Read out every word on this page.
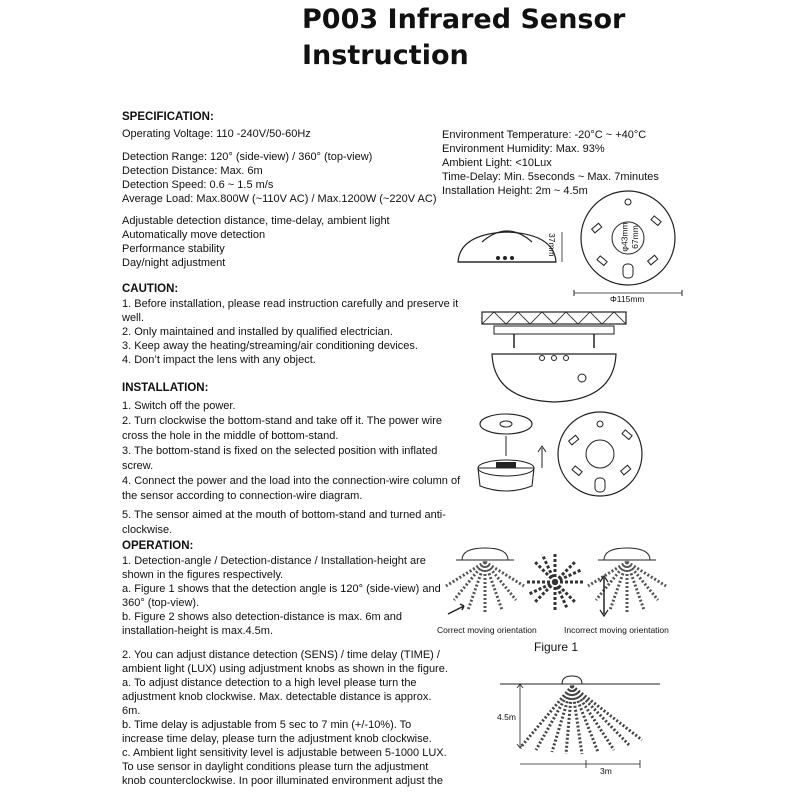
P003 Infrared Sensor
Instruction
SPECIFICATION:
Operating Voltage: 110 -240V/50-60Hz
Detection Range: 120° (side-view) / 360° (top-view)
Detection Distance: Max. 6m
Detection Speed: 0.6 ~ 1.5 m/s
Average Load: Max.800W (~110V AC) / Max.1200W (~220V AC)
Environment Temperature: -20°C ~ +40°C
Environment Humidity: Max. 93%
Ambient Light: <10Lux
Time-Delay: Min. 5seconds ~ Max. 7minutes
Installation Height: 2m ~ 4.5m
Adjustable detection distance, time-delay, ambient light
Automatically move detection
Performance stability
Day/night adjustment
CAUTION:
1. Before installation, please read instruction carefully and preserve it well.
2. Only maintained and installed by qualified electrician.
3. Keep away the heating/streaming/air conditioning devices.
4. Don’t impact the lens with any object.
INSTALLATION:
1. Switch off the power.
2. Turn clockwise the bottom-stand and take off it. The power wire cross the hole in the middle of bottom-stand.
3. The bottom-stand is fixed on the selected position with inflated screw.
4. Connect the power and the load into the connection-wire column of the sensor according to connection-wire diagram.
5. The sensor aimed at the mouth of bottom-stand and turned anti-clockwise.
OPERATION:
1. Detection-angle / Detection-distance / Installation-height are shown in the figures respectively.
a. Figure 1 shows that the detection angle is 120° (side-view) and 360° (top-view).
b. Figure 2 shows also detection-distance is max. 6m and installation-height is max.4.5m.
2. You can adjust distance detection (SENS) / time delay (TIME) / ambient light (LUX) using adjustment knobs as shown in the figure.
a. To adjust distance detection to a high level please turn the adjustment knob clockwise. Max. detectable distance is approx. 6m.
b. Time delay is adjustable from 5 sec to 7 min (+/-10%). To increase time delay, please turn the adjustment knob clockwise.
c. Ambient light sensitivity level is adjustable between 5-1000 LUX. To use sensor in daylight conditions please turn the adjustment knob counterclockwise. In poor illuminated environment adjust the
37mm	φ43mm 67mm
Φ115mm
Correct moving orientation	Incorrect moving orientation
Figure 1
4.5m
3m
